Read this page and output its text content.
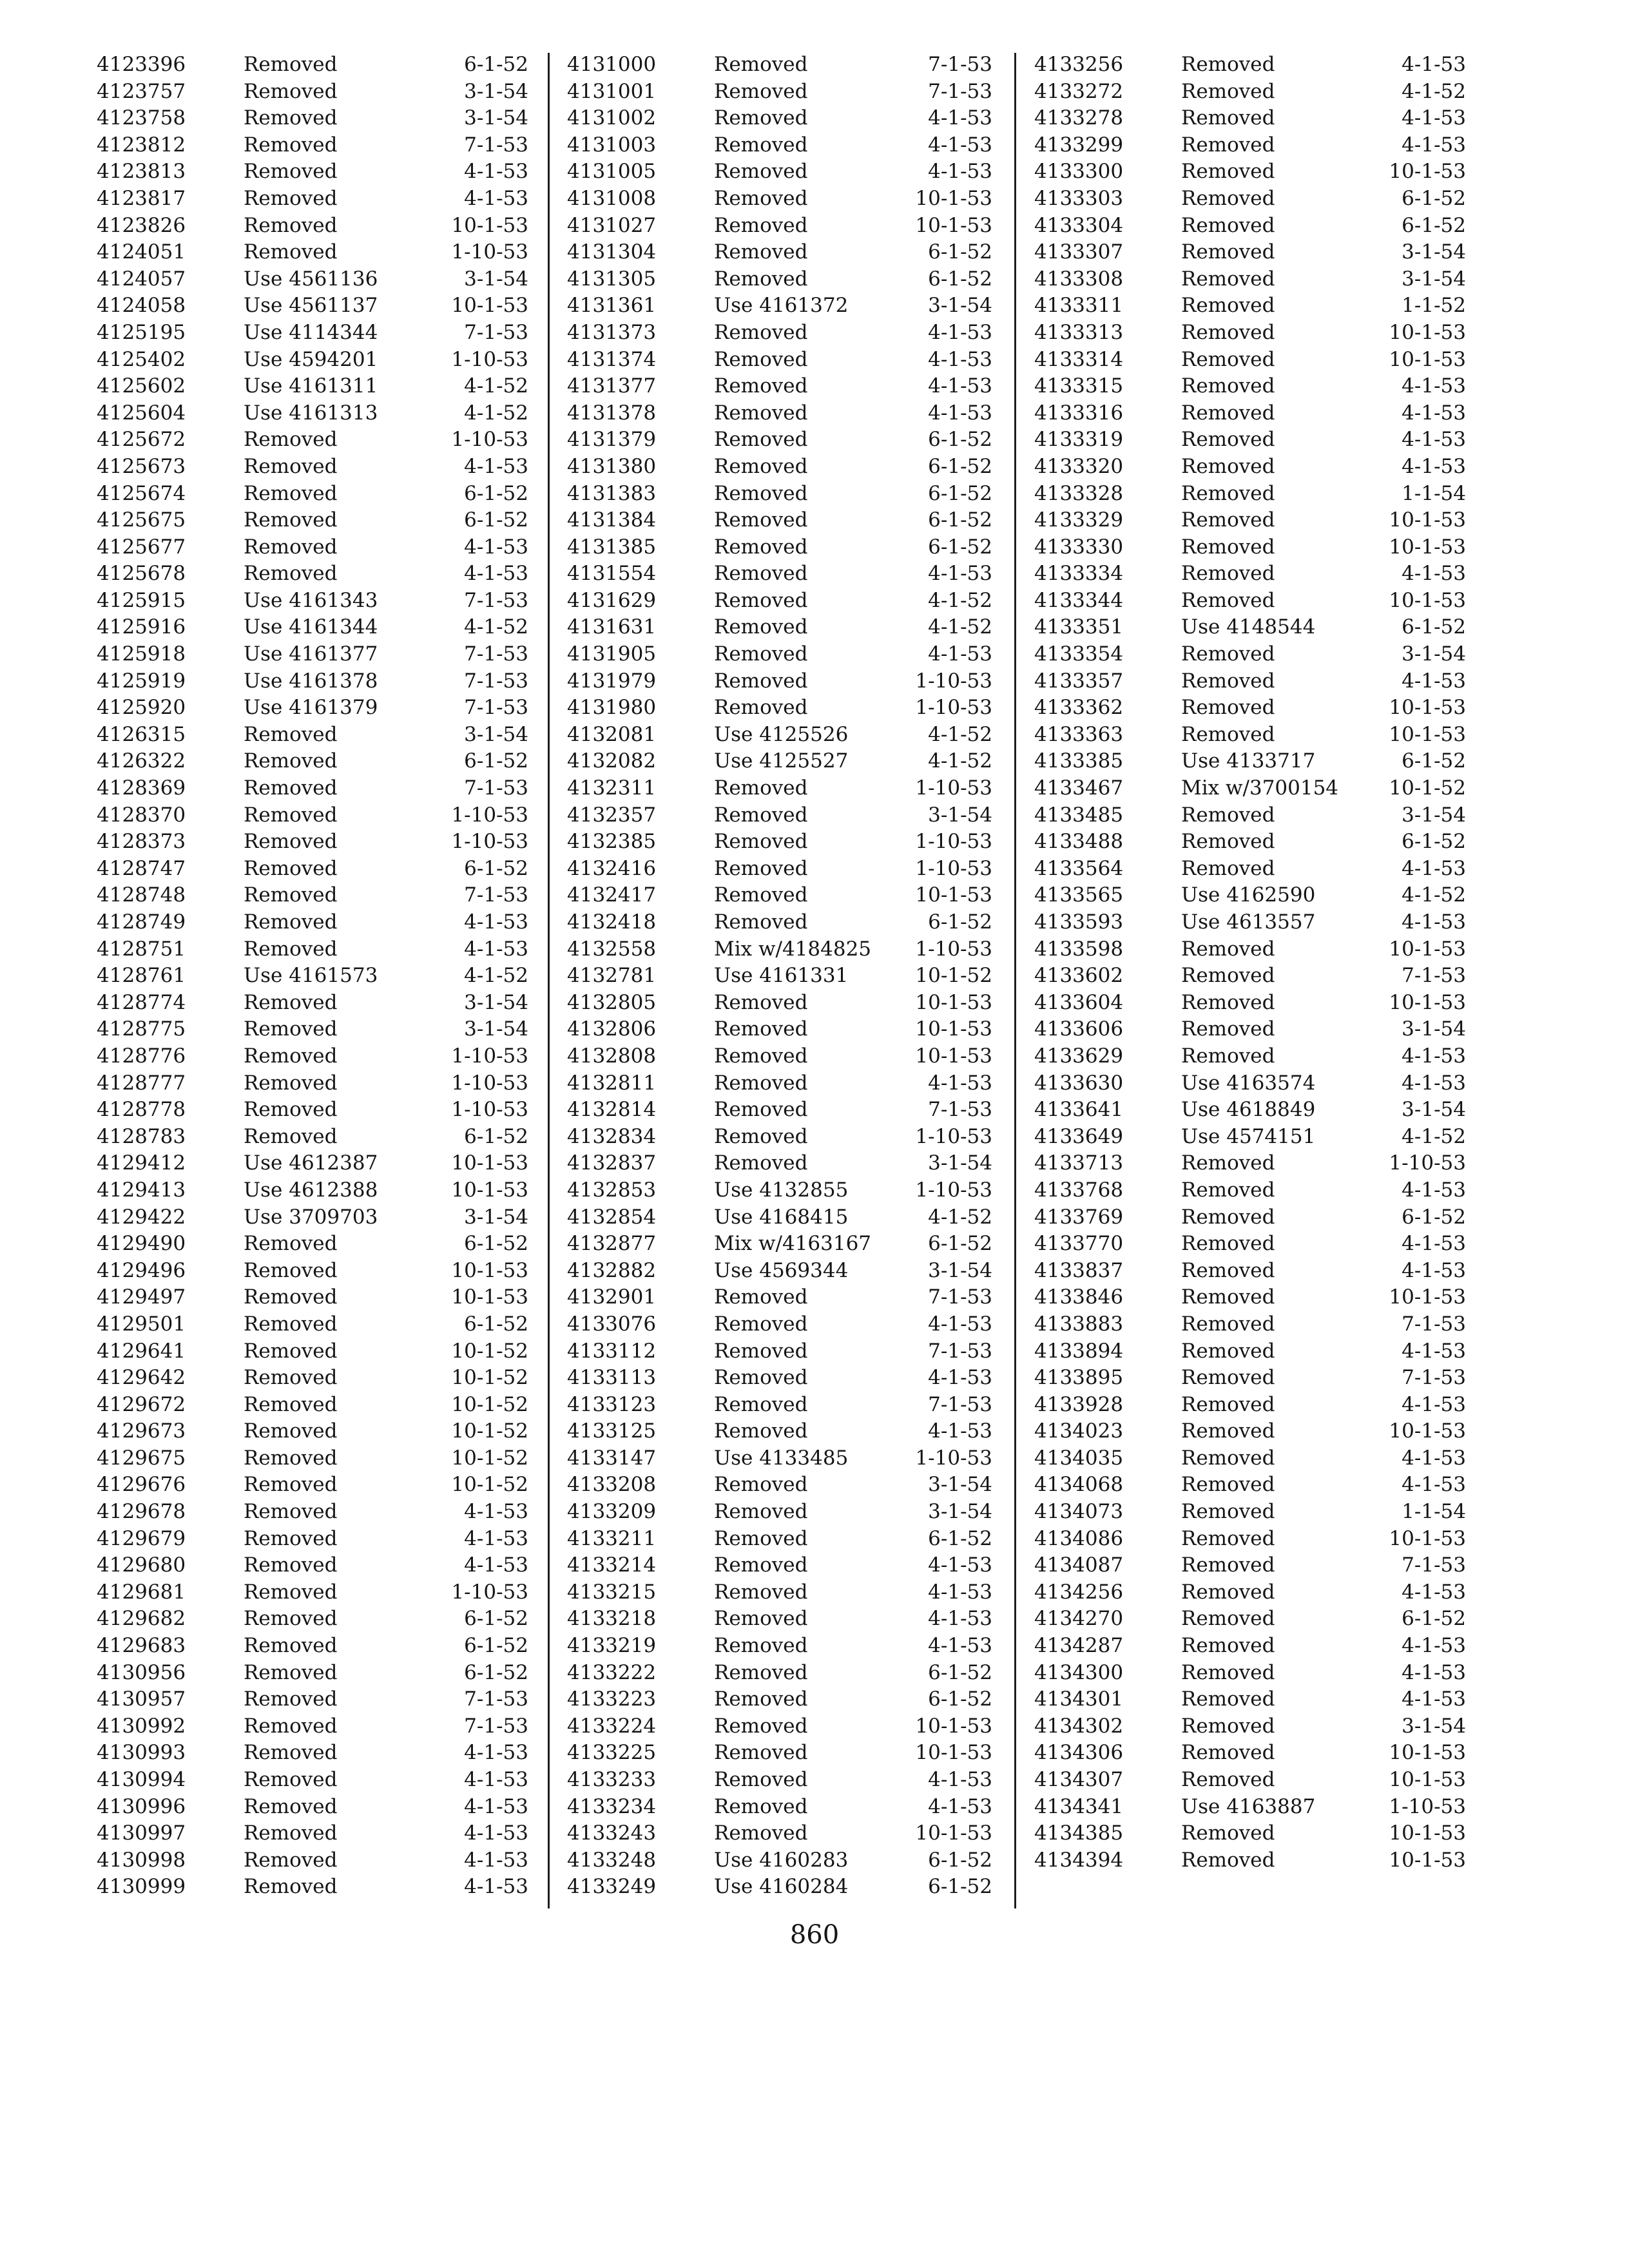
4123396	Removed	6-1-52
4123757	Removed	3-1-54
4123758	Removed	3-1-54
4123812	Removed	7-1-53
4123813	Removed	4-1-53
4123817	Removed	4-1-53
4123826	Removed	10-1-53
4124051	Removed	1-10-53
4124057	Use 4561136	3-1-54
4124058	Use 4561137	10-1-53
4125195	Use 4114344	7-1-53
4125402	Use 4594201	1-10-53
4125602	Use 4161311	4-1-52
4125604	Use 4161313	4-1-52
4125672	Removed	1-10-53
4125673	Removed	4-1-53
4125674	Removed	6-1-52
4125675	Removed	6-1-52
4125677	Removed	4-1-53
4125678	Removed	4-1-53
4125915	Use 4161343	7-1-53
4125916	Use 4161344	4-1-52
4125918	Use 4161377	7-1-53
4125919	Use 4161378	7-1-53
4125920	Use 4161379	7-1-53
4126315	Removed	3-1-54
4126322	Removed	6-1-52
4128369	Removed	7-1-53
4128370	Removed	1-10-53
4128373	Removed	1-10-53
4128747	Removed	6-1-52
4128748	Removed	7-1-53
4128749	Removed	4-1-53
4128751	Removed	4-1-53
4128761	Use 4161573	4-1-52
4128774	Removed	3-1-54
4128775	Removed	3-1-54
4128776	Removed	1-10-53
4128777	Removed	1-10-53
4128778	Removed	1-10-53
4128783	Removed	6-1-52
4129412	Use 4612387	10-1-53
4129413	Use 4612388	10-1-53
4129422	Use 3709703	3-1-54
4129490	Removed	6-1-52
4129496	Removed	10-1-53
4129497	Removed	10-1-53
4129501	Removed	6-1-52
4129641	Removed	10-1-52
4129642	Removed	10-1-52
4129672	Removed	10-1-52
4129673	Removed	10-1-52
4129675	Removed	10-1-52
4129676	Removed	10-1-52
4129678	Removed	4-1-53
4129679	Removed	4-1-53
4129680	Removed	4-1-53
4129681	Removed	1-10-53
4129682	Removed	6-1-52
4129683	Removed	6-1-52
4130956	Removed	6-1-52
4130957	Removed	7-1-53
4130992	Removed	7-1-53
4130993	Removed	4-1-53
4130994	Removed	4-1-53
4130996	Removed	4-1-53
4130997	Removed	4-1-53
4130998	Removed	4-1-53
4130999	Removed	4-1-53
4131000	Removed	7-1-53
4131001	Removed	7-1-53
4131002	Removed	4-1-53
4131003	Removed	4-1-53
4131005	Removed	4-1-53
4131008	Removed	10-1-53
4131027	Removed	10-1-53
4131304	Removed	6-1-52
4131305	Removed	6-1-52
4131361	Use 4161372	3-1-54
4131373	Removed	4-1-53
4131374	Removed	4-1-53
4131377	Removed	4-1-53
4131378	Removed	4-1-53
4131379	Removed	6-1-52
4131380	Removed	6-1-52
4131383	Removed	6-1-52
4131384	Removed	6-1-52
4131385	Removed	6-1-52
4131554	Removed	4-1-53
4131629	Removed	4-1-52
4131631	Removed	4-1-52
4131905	Removed	4-1-53
4131979	Removed	1-10-53
4131980	Removed	1-10-53
4132081	Use 4125526	4-1-52
4132082	Use 4125527	4-1-52
4132311	Removed	1-10-53
4132357	Removed	3-1-54
4132385	Removed	1-10-53
4132416	Removed	1-10-53
4132417	Removed	10-1-53
4132418	Removed	6-1-52
4132558	Mix w/4184825 1-10-53
4132781	Use 4161331	10-1-52
4132805	Removed	10-1-53
4132806	Removed	10-1-53
4132808	Removed	10-1-53
4132811	Removed	4-1-53
4132814	Removed	7-1-53
4132834	Removed	1-10-53
4132837	Removed	3-1-54
4132853	Use 4132855	1-10-53
4132854	Use 4168415	4-1-52
4132877	Mix w/4163167	6-1-52
4132882	Use 4569344	3-1-54
4132901	Removed	7-1-53
4133076	Removed	4-1-53
4133112	Removed	7-1-53
4133113	Removed	4-1-53
4133123	Removed	7-1-53
4133125	Removed	4-1-53
4133147	Use 4133485	1-10-53
4133208	Removed	3-1-54
4133209	Removed	3-1-54
4133211	Removed	6-1-52
4133214	Removed	4-1-53
4133215	Removed	4-1-53
4133218	Removed	4-1-53
4133219	Removed	4-1-53
4133222	Removed	6-1-52
4133223	Removed	6-1-52
4133224	Removed	10-1-53
4133225	Removed	10-1-53
4133233	Removed	4-1-53
4133234	Removed	4-1-53
4133243	Removed	10-1-53
4133248	Use 4160283	6-1-52
4133249	Use 4160284	6-1-52
4133256	Removed	4-1-53
4133272	Removed	4-1-52
4133278	Removed	4-1-53
4133299	Removed	4-1-53
4133300	Removed	10-1-53
4133303	Removed	6-1-52
4133304	Removed	6-1-52
4133307	Removed	3-1-54
4133308	Removed	3-1-54
4133311	Removed	1-1-52
4133313	Removed	10-1-53
4133314	Removed	10-1-53
4133315	Removed	4-1-53
4133316	Removed	4-1-53
4133319	Removed	4-1-53
4133320	Removed	4-1-53
4133328	Removed	1-1-54
4133329	Removed	10-1-53
4133330	Removed	10-1-53
4133334	Removed	4-1-53
4133344	Removed	10-1-53
4133351	Use 4148544	6-1-52
4133354	Removed	3-1-54
4133357	Removed	4-1-53
4133362	Removed	10-1-53
4133363	Removed	10-1-53
4133385	Use 4133717	6-1-52
4133467	Mix w/3700154	10-1-52
4133485	Removed	3-1-54
4133488	Removed	6-1-52
4133564	Removed	4-1-53
4133565	Use 4162590	4-1-52
4133593	Use 4613557	4-1-53
4133598	Removed	10-1-53
4133602	Removed	7-1-53
4133604	Removed	10-1-53
4133606	Removed	3-1-54
4133629	Removed	4-1-53
4133630	Use 4163574	4-1-53
4133641	Use 4618849	3-1-54
4133649	Use 4574151	4-1-52
4133713	Removed	1-10-53
4133768	Removed	4-1-53
4133769	Removed	6-1-52
4133770	Removed	4-1-53
4133837	Removed	4-1-53
4133846	Removed	10-1-53
4133883	Removed	7-1-53
4133894	Removed	4-1-53
4133895	Removed	7-1-53
4133928	Removed	4-1-53
4134023	Removed	10-1-53
4134035	Removed	4-1-53
4134068	Removed	4-1-53
4134073	Removed	1-1-54
4134086	Removed	10-1-53
4134087	Removed	7-1-53
4134256	Removed	4-1-53
4134270	Removed	6-1-52
4134287	Removed	4-1-53
4134300	Removed	4-1-53
4134301	Removed	4-1-53
4134302	Removed	3-1-54
4134306	Removed	10-1-53
4134307	Removed	10-1-53
4134341	Use 4163887	1-10-53
4134385	Removed	10-1-53
4134394	Removed	10-1-53
860
